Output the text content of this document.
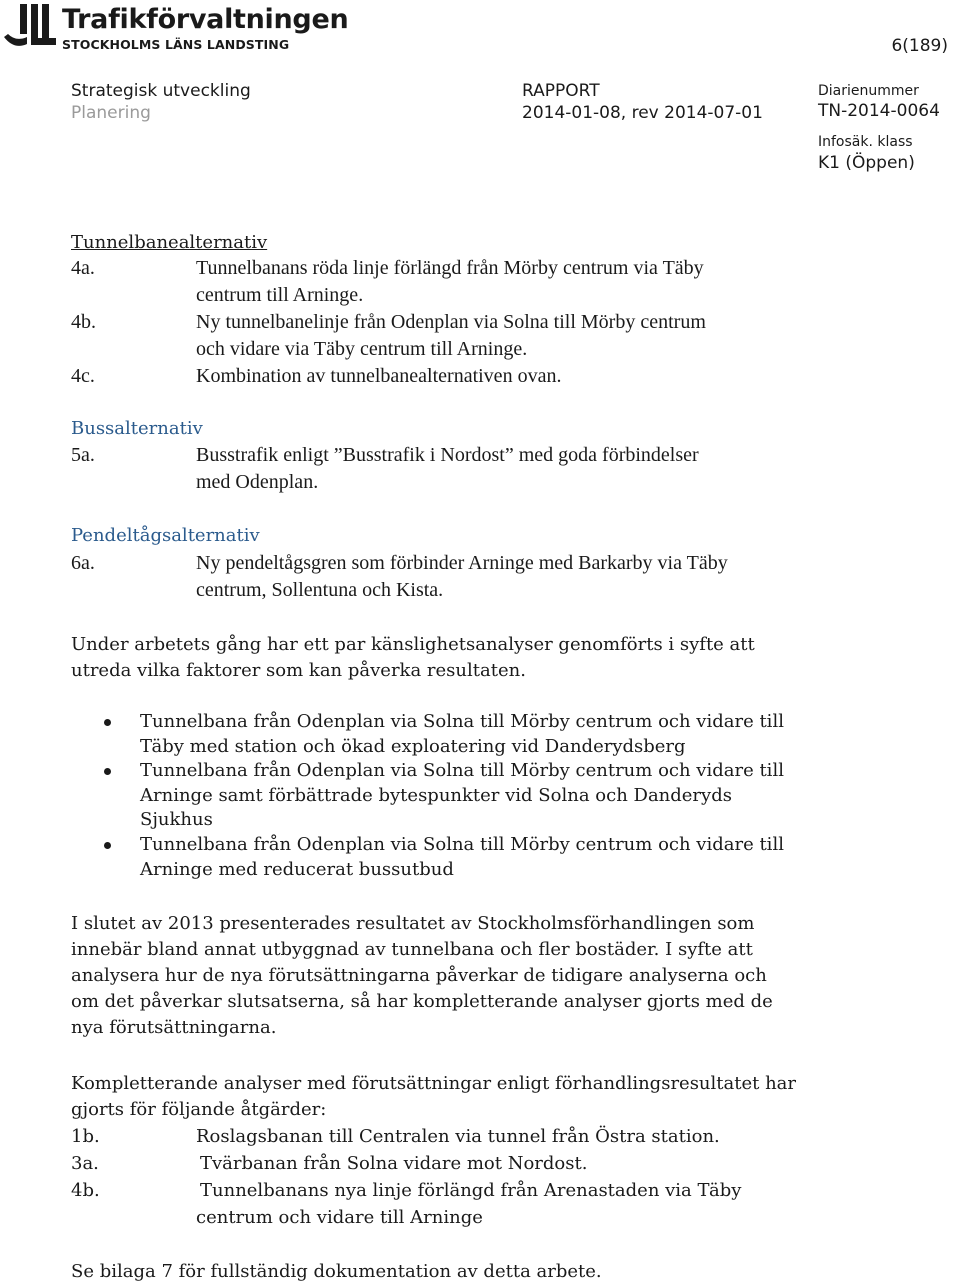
Trafikförvaltningen
STOCKHOLMS LÄNS LANDSTING	6(189)
Strategisk utveckling
Planering
RAPPORT
2014-01-08, rev 2014-07-01
Diarienummer
TN-2014-0064
Infosäk. klass
K1 (Öppen)
Tunnelbanealternativ
4a.	Tunnelbanans röda linje förlängd från Mörby centrum via Täby
centrum till Arninge.
4b.	Ny tunnelbanelinje från Odenplan via Solna till Mörby centrum
och vidare via Täby centrum till Arninge.
4c.	Kombination av tunnelbanealternativen ovan.
Bussalternativ
5a.	Busstrafik enligt ”Busstrafik i Nordost” med goda förbindelser
med Odenplan.
Pendeltågsalternativ
6a.	Ny pendeltågsgren som förbinder Arninge med Barkarby via Täby
centrum, Sollentuna och Kista.
Under arbetets gång har ett par känslighetsanalyser genomförts i syfte att utreda vilka faktorer som kan påverka resultaten.
Tunnelbana från Odenplan via Solna till Mörby centrum och vidare till Täby med station och ökad exploatering vid Danderydsberg
Tunnelbana från Odenplan via Solna till Mörby centrum och vidare till Arninge samt förbättrade bytespunkter vid Solna och Danderyds Sjukhus
Tunnelbana från Odenplan via Solna till Mörby centrum och vidare till Arninge med reducerat bussutbud
I slutet av 2013 presenterades resultatet av Stockholmsförhandlingen som innebär bland annat utbyggnad av tunnelbana och fler bostäder. I syfte att analysera hur de nya förutsättningarna påverkar de tidigare analyserna och om det påverkar slutsatserna, så har kompletterande analyser gjorts med de nya förutsättningarna.
Kompletterande analyser med förutsättningar enligt förhandlingsresultatet har gjorts för följande åtgärder:
1b.	Roslagsbanan till Centralen via tunnel från Östra station.
3a.	Tvärbanan från Solna vidare mot Nordost.
4b.	Tunnelbanans nya linje förlängd från Arenastaden via Täby
centrum och vidare till Arninge
Se bilaga 7 för fullständig dokumentation av detta arbete.
